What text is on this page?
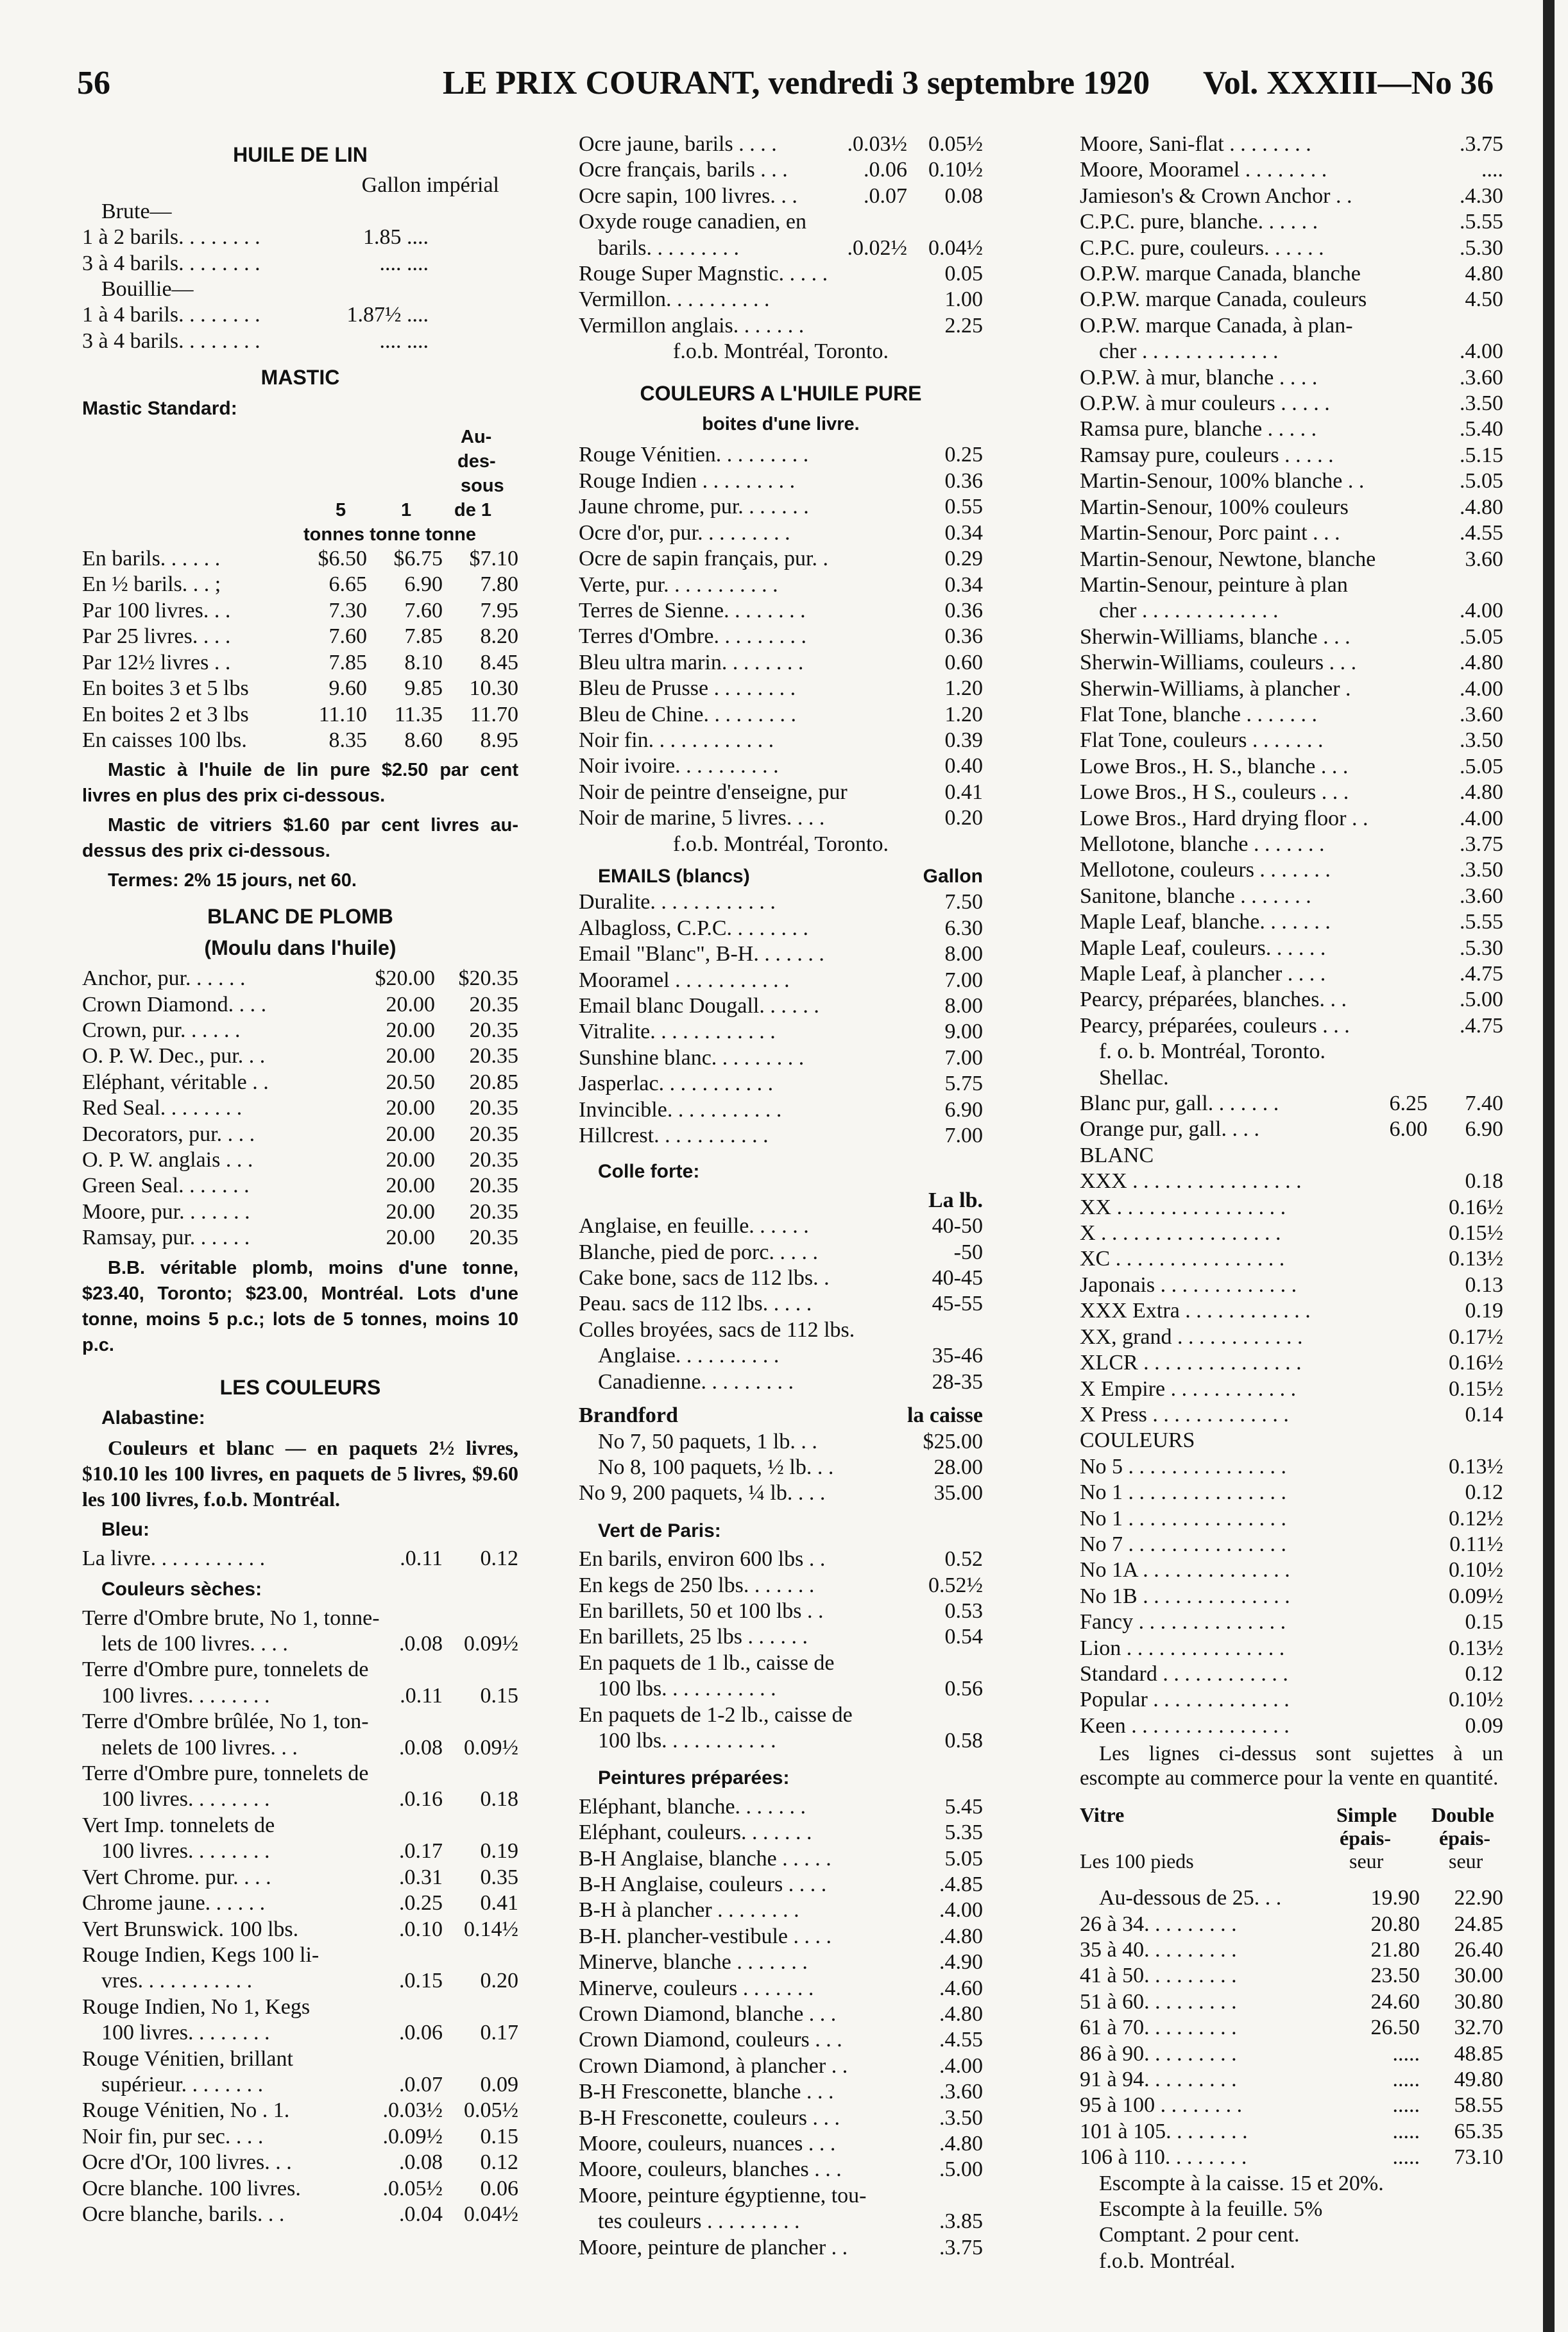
56	LE PRIX COURANT, vendredi 3 septembre 1920 Vol. XXXIII—No 36
HUILE DE LIN
Gallon impérial
Brute—
1 à 2 barils. . . . . . . .	1.85 ....
3 à 4 barils. . . . . . . .	.... ....
Bouillie—
1 à 4 barils. . . . . . . .	1.87½ ....
3 à 4 barils. . . . . . . .	.... ....
MASTIC
Mastic Standard:
Au-
des-
sous
5	1 de 1
tonnes tonne tonne
En barils. . . . . .	$6.50	$6.75	$7.10
En ½ barils. . . ;	6.65	6.90	7.80
Par 100 livres. . .	7.30	7.60	7.95
Par 25 livres. . . .	7.60	7.85	8.20
Par 12½ livres . .	7.85	8.10	8.45
En boites 3 et 5 lbs	9.60	9.85	10.30
En boites 2 et 3 lbs	11.10	11.35	11.70
En caisses 100 lbs.	8.35	8.60	8.95
Mastic à l'huile de lin pure $2.50 par cent livres en plus des prix ci-dessous.
Mastic de vitriers $1.60 par cent livres au-dessus des prix ci-dessous.
Termes: 2% 15 jours, net 60.
BLANC DE PLOMB
(Moulu dans l'huile)
Anchor, pur. . . . . .	$20.00	$20.35
Crown Diamond. . . .	20.00	20.35
Crown, pur. . . . . .	20.00	20.35
O. P. W. Dec., pur. . .	20.00	20.35
Eléphant, véritable . .	20.50	20.85
Red Seal. . . . . . . .	20.00	20.35
Decorators, pur. . . .	20.00	20.35
O. P. W. anglais . . .	20.00	20.35
Green Seal. . . . . . .	20.00	20.35
Moore, pur. . . . . . .	20.00	20.35
Ramsay, pur. . . . . .	20.00	20.35
B.B. véritable plomb, moins d'une tonne, $23.40, Toronto; $23.00, Montréal. Lots d'une tonne, moins 5 p.c.; lots de 5 tonnes, moins 10 p.c.
LES COULEURS
Alabastine:
Couleurs et blanc — en paquets 2½ livres, $10.10 les 100 livres, en paquets de 5 livres, $9.60 les 100 livres, f.o.b. Montréal.
Bleu:
La livre. . . . . . . . . . .	.0.11	0.12
Couleurs sèches:
Terre d'Ombre brute, No 1, tonne-
lets de 100 livres. . . .	.0.08 0.09½
Terre d'Ombre pure, tonnelets de
100 livres. . . . . . . .	.0.11	0.15
Terre d'Ombre brûlée, No 1, ton-
nelets de 100 livres. . .	.0.08 0.09½
Terre d'Ombre pure, tonnelets de
100 livres. . . . . . . .	.0.16	0.18
Vert Imp. tonnelets de
100 livres. . . . . . . .	.0.17	0.19
Vert Chrome. pur. . . .	.0.31	0.35
Chrome jaune. . . . . .	.0.25	0.41
Vert Brunswick. 100 lbs.	.0.10 0.14½
Rouge Indien, Kegs 100 li-
vres. . . . . . . . . . .	.0.15	0.20
Rouge Indien, No 1, Kegs
100 livres. . . . . . . .	.0.06	0.17
Rouge Vénitien, brillant
supérieur. . . . . . . .	.0.07	0.09
Rouge Vénitien, No . 1.	.0.03½ 0.05½
Noir fin, pur sec. . . .	.0.09½	0.15
Ocre d'Or, 100 livres. . .	.0.08	0.12
Ocre blanche. 100 livres.	.0.05½	0.06
Ocre blanche, barils. . .	.0.04 0.04½
Ocre jaune, barils . . . .	.0.03½ 0.05½
Ocre français, barils . . .	.0.06 0.10½
Ocre sapin, 100 livres. . .	.0.07	0.08
Oxyde rouge canadien, en
barils. . . . . . . . .	.0.02½ 0.04½
Rouge Super Magnstic. . . . .	0.05
Vermillon. . . . . . . . . .	1.00
Vermillon anglais. . . . . . .	2.25
f.o.b. Montréal, Toronto.
COULEURS A L'HUILE PURE
boites d'une livre.
Rouge Vénitien. . . . . . . . .	0.25
Rouge Indien . . . . . . . . .	0.36
Jaune chrome, pur. . . . . . .	0.55
Ocre d'or, pur. . . . . . . . .	0.34
Ocre de sapin français, pur. .	0.29
Verte, pur. . . . . . . . . . .	0.34
Terres de Sienne. . . . . . . .	0.36
Terres d'Ombre. . . . . . . . .	0.36
Bleu ultra marin. . . . . . . .	0.60
Bleu de Prusse . . . . . . . .	1.20
Bleu de Chine. . . . . . . . .	1.20
Noir fin. . . . . . . . . . . .	0.39
Noir ivoire. . . . . . . . . .	0.40
Noir de peintre d'enseigne, pur	0.41
Noir de marine, 5 livres. . . .	0.20
f.o.b. Montréal, Toronto.
EMAILS (blancs)	Gallon
Duralite. . . . . . . . . . . .	7.50
Albagloss, C.P.C. . . . . . . .	6.30
Email "Blanc", B-H. . . . . . .	8.00
Mooramel . . . . . . . . . . .	7.00
Email blanc Dougall. . . . . .	8.00
Vitralite. . . . . . . . . . . .	9.00
Sunshine blanc. . . . . . . . .	7.00
Jasperlac. . . . . . . . . . .	5.75
Invincible. . . . . . . . . . .	6.90
Hillcrest. . . . . . . . . . .	7.00
Colle forte:
La lb.
Anglaise, en feuille. . . . . .	40-50
Blanche, pied de porc. . . . .	-50
Cake bone, sacs de 112 lbs. .	40-45
Peau. sacs de 112 lbs. . . . .	45-55
Colles broyées, sacs de 112 lbs.
Anglaise. . . . . . . . . .	35-46
Canadienne. . . . . . . . .	28-35
Brandford	la caisse
No 7, 50 paquets, 1 lb. . .	$25.00
No 8, 100 paquets, ½ lb. . .	28.00
No 9, 200 paquets, ¼ lb. . . .	35.00
Vert de Paris:
En barils, environ 600 lbs . .	0.52
En kegs de 250 lbs. . . . . . .	0.52½
En barillets, 50 et 100 lbs . .	0.53
En barillets, 25 lbs . . . . . .	0.54
En paquets de 1 lb., caisse de
100 lbs. . . . . . . . . . .	0.56
En paquets de 1-2 lb., caisse de
100 lbs. . . . . . . . . . .	0.58
Peintures préparées:
Eléphant, blanche. . . . . . .	5.45
Eléphant, couleurs. . . . . . .	5.35
B-H Anglaise, blanche . . . . .	5.05
B-H Anglaise, couleurs . . . .	.4.85
B-H à plancher . . . . . . . .	.4.00
B-H. plancher-vestibule . . . .	.4.80
Minerve, blanche . . . . . . .	.4.90
Minerve, couleurs . . . . . . .	.4.60
Crown Diamond, blanche . . .	.4.80
Crown Diamond, couleurs . . .	.4.55
Crown Diamond, à plancher . .	.4.00
B-H Fresconette, blanche . . .	.3.60
B-H Fresconette, couleurs . . .	.3.50
Moore, couleurs, nuances . . .	.4.80
Moore, couleurs, blanches . . .	.5.00
Moore, peinture égyptienne, tou-
tes couleurs . . . . . . . . .	.3.85
Moore, peinture de plancher . .	.3.75
Moore, Sani-flat . . . . . . . .	.3.75
Moore, Mooramel . . . . . . . .	....
Jamieson's & Crown Anchor . .	.4.30
C.P.C. pure, blanche. . . . . .	.5.55
C.P.C. pure, couleurs. . . . . .	.5.30
O.P.W. marque Canada, blanche	4.80
O.P.W. marque Canada, couleurs	4.50
O.P.W. marque Canada, à plan-
cher . . . . . . . . . . . . .	.4.00
O.P.W. à mur, blanche . . . .	.3.60
O.P.W. à mur couleurs . . . . .	.3.50
Ramsa pure, blanche . . . . .	.5.40
Ramsay pure, couleurs . . . . .	.5.15
Martin-Senour, 100% blanche . .	.5.05
Martin-Senour, 100% couleurs	.4.80
Martin-Senour, Porc paint . . .	.4.55
Martin-Senour, Newtone, blanche	3.60
Martin-Senour, peinture à plan
cher . . . . . . . . . . . . .	.4.00
Sherwin-Williams, blanche . . .	.5.05
Sherwin-Williams, couleurs . . .	.4.80
Sherwin-Williams, à plancher .	.4.00
Flat Tone, blanche . . . . . . .	.3.60
Flat Tone, couleurs . . . . . . .	.3.50
Lowe Bros., H. S., blanche . . .	.5.05
Lowe Bros., H S., couleurs . . .	.4.80
Lowe Bros., Hard drying floor . .	.4.00
Mellotone, blanche . . . . . . .	.3.75
Mellotone, couleurs . . . . . . .	.3.50
Sanitone, blanche . . . . . . .	.3.60
Maple Leaf, blanche. . . . . . .	.5.55
Maple Leaf, couleurs. . . . . .	.5.30
Maple Leaf, à plancher . . . .	.4.75
Pearcy, préparées, blanches. . .	.5.00
Pearcy, préparées, couleurs . . .	.4.75
f. o. b. Montréal, Toronto.
Shellac.
Blanc pur, gall. . . . . . .	6.25	7.40
Orange pur, gall. . . .	6.00	6.90
BLANC
XXX . . . . . . . . . . . . . . . .	0.18
XX . . . . . . . . . . . . . . . .	0.16½
X . . . . . . . . . . . . . . . . .	0.15½
XC . . . . . . . . . . . . . . . .	0.13½
Japonais . . . . . . . . . . . . .	0.13
XXX Extra . . . . . . . . . . . .	0.19
XX, grand . . . . . . . . . . . .	0.17½
XLCR . . . . . . . . . . . . . . .	0.16½
X Empire . . . . . . . . . . . .	0.15½
X Press . . . . . . . . . . . . .	0.14
COULEURS
No 5 . . . . . . . . . . . . . . .	0.13½
No 1 . . . . . . . . . . . . . . .	0.12
No 1 . . . . . . . . . . . . . . .	0.12½
No 7 . . . . . . . . . . . . . . .	0.11½
No 1A . . . . . . . . . . . . . .	0.10½
No 1B . . . . . . . . . . . . . .	0.09½
Fancy . . . . . . . . . . . . . .	0.15
Lion . . . . . . . . . . . . . . .	0.13½
Standard . . . . . . . . . . . .	0.12
Popular . . . . . . . . . . . . .	0.10½
Keen . . . . . . . . . . . . . . .	0.09
Les lignes ci-dessus sont sujettes à un escompte au commerce pour la vente en quantité.
Vitre	Simple Double
épais- épais-
Les 100 pieds	seur	seur
Au-dessous de 25. . .	19.90	22.90
26 à 34. . . . . . . . .	20.80	24.85
35 à 40. . . . . . . . .	21.80	26.40
41 à 50. . . . . . . . .	23.50	30.00
51 à 60. . . . . . . . .	24.60	30.80
61 à 70. . . . . . . . .	26.50	32.70
86 à 90. . . . . . . . .	.....	48.85
91 à 94. . . . . . . . .	.....	49.80
95 à 100 . . . . . . . .	.....	58.55
101 à 105. . . . . . . .	.....	65.35
106 à 110. . . . . . . .	.....	73.10
Escompte à la caisse. 15 et 20%.
Escompte à la feuille. 5%
Comptant. 2 pour cent.
f.o.b. Montréal.
